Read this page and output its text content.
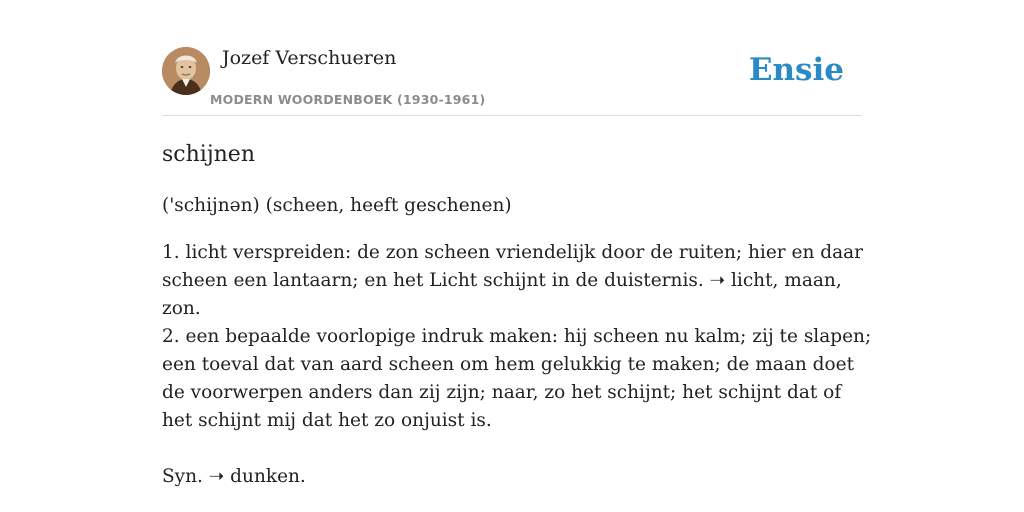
Jozef Verschueren
MODERN WOORDENBOEK (1930-1961)
Ensie
schijnen
('schijnən) (scheen, heeft geschenen)

1. licht verspreiden: de zon scheen vriendelijk door de ruiten; hier en daar scheen een lantaarn; en het Licht schijnt in de duisternis. ➝ licht, maan, zon.

2. een bepaalde voorlopige indruk maken: hij scheen nu kalm; zij te slapen; een toeval dat van aard scheen om hem gelukkig te maken; de maan doet de voorwerpen anders dan zij zijn; naar, zo het schijnt; het schijnt dat of het schijnt mij dat het zo onjuist is.

Syn. ➝ dunken.
